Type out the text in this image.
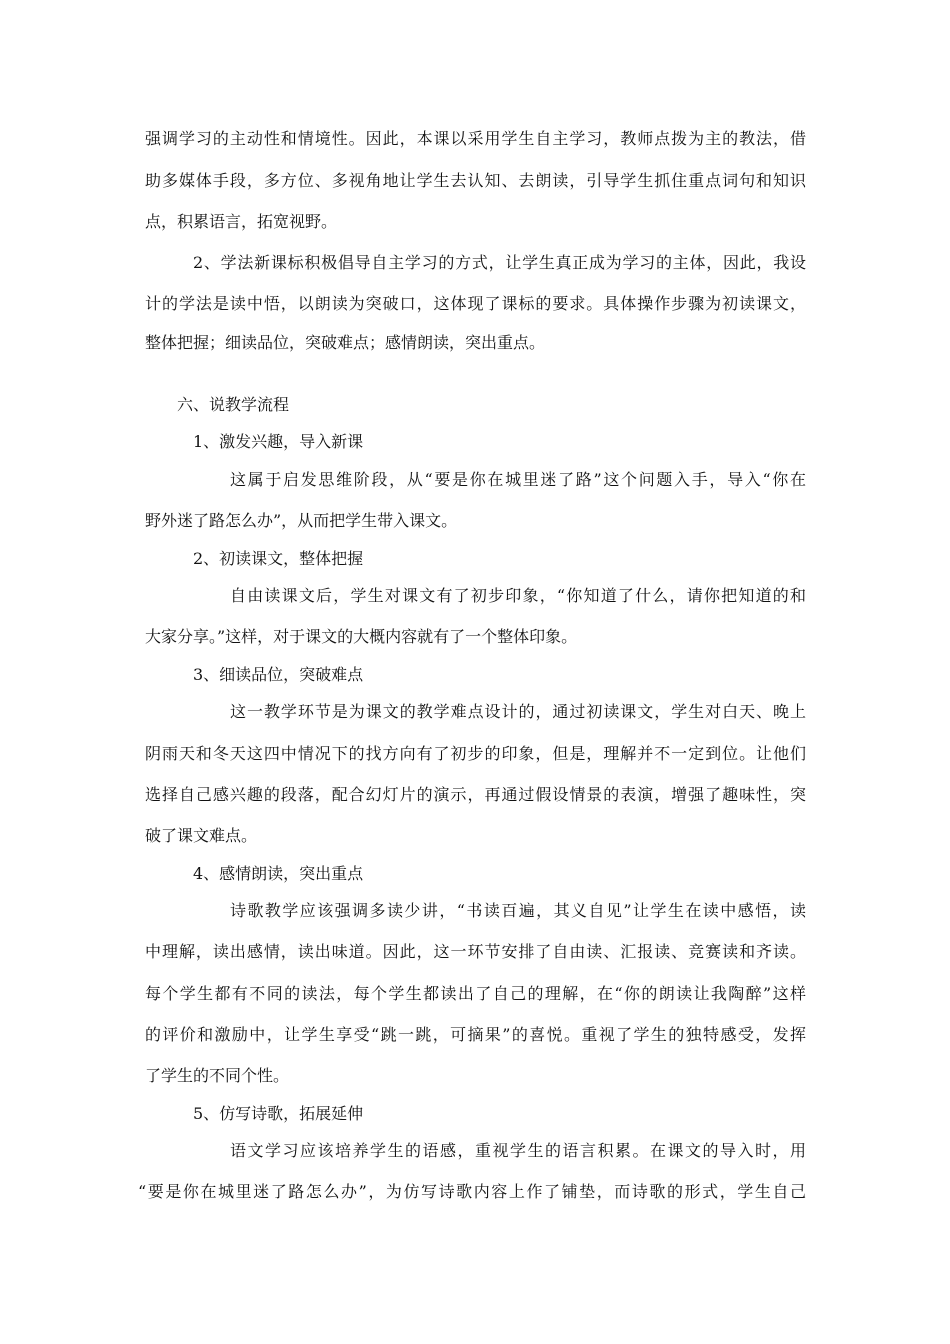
强调学习的主动性和情境性。因此，本课以采用学生自主学习，教师点拨为主的教法，借
助多媒体手段，多方位、多视角地让学生去认知、去朗读，引导学生抓住重点词句和知识
点，积累语言，拓宽视野。
2、学法新课标积极倡导自主学习的方式，让学生真正成为学习的主体，因此，我设
计的学法是读中悟，以朗读为突破口，这体现了课标的要求。具体操作步骤为初读课文，
整体把握；细读品位，突破难点；感情朗读，突出重点。
六、说教学流程
1、激发兴趣，导入新课
这属于启发思维阶段，从“要是你在城里迷了路”这个问题入手，导入“你在
野外迷了路怎么办”，从而把学生带入课文。
2、初读课文，整体把握
自由读课文后，学生对课文有了初步印象，“你知道了什么，请你把知道的和
大家分享。”这样，对于课文的大概内容就有了一个整体印象。
3、细读品位，突破难点
这一教学环节是为课文的教学难点设计的，通过初读课文，学生对白天、晚上
阴雨天和冬天这四中情况下的找方向有了初步的印象，但是，理解并不一定到位。让他们
选择自己感兴趣的段落，配合幻灯片的演示，再通过假设情景的表演，增强了趣味性，突
破了课文难点。
4、感情朗读，突出重点
诗歌教学应该强调多读少讲，“书读百遍，其义自见”让学生在读中感悟，读
中理解，读出感情，读出味道。因此，这一环节安排了自由读、汇报读、竞赛读和齐读。
每个学生都有不同的读法，每个学生都读出了自己的理解，在“你的朗读让我陶醉”这样
的评价和激励中，让学生享受“跳一跳，可摘果”的喜悦。重视了学生的独特感受，发挥
了学生的不同个性。
5、仿写诗歌，拓展延伸
语文学习应该培养学生的语感，重视学生的语言积累。在课文的导入时，用
“要是你在城里迷了路怎么办”，为仿写诗歌内容上作了铺垫，而诗歌的形式，学生自己
